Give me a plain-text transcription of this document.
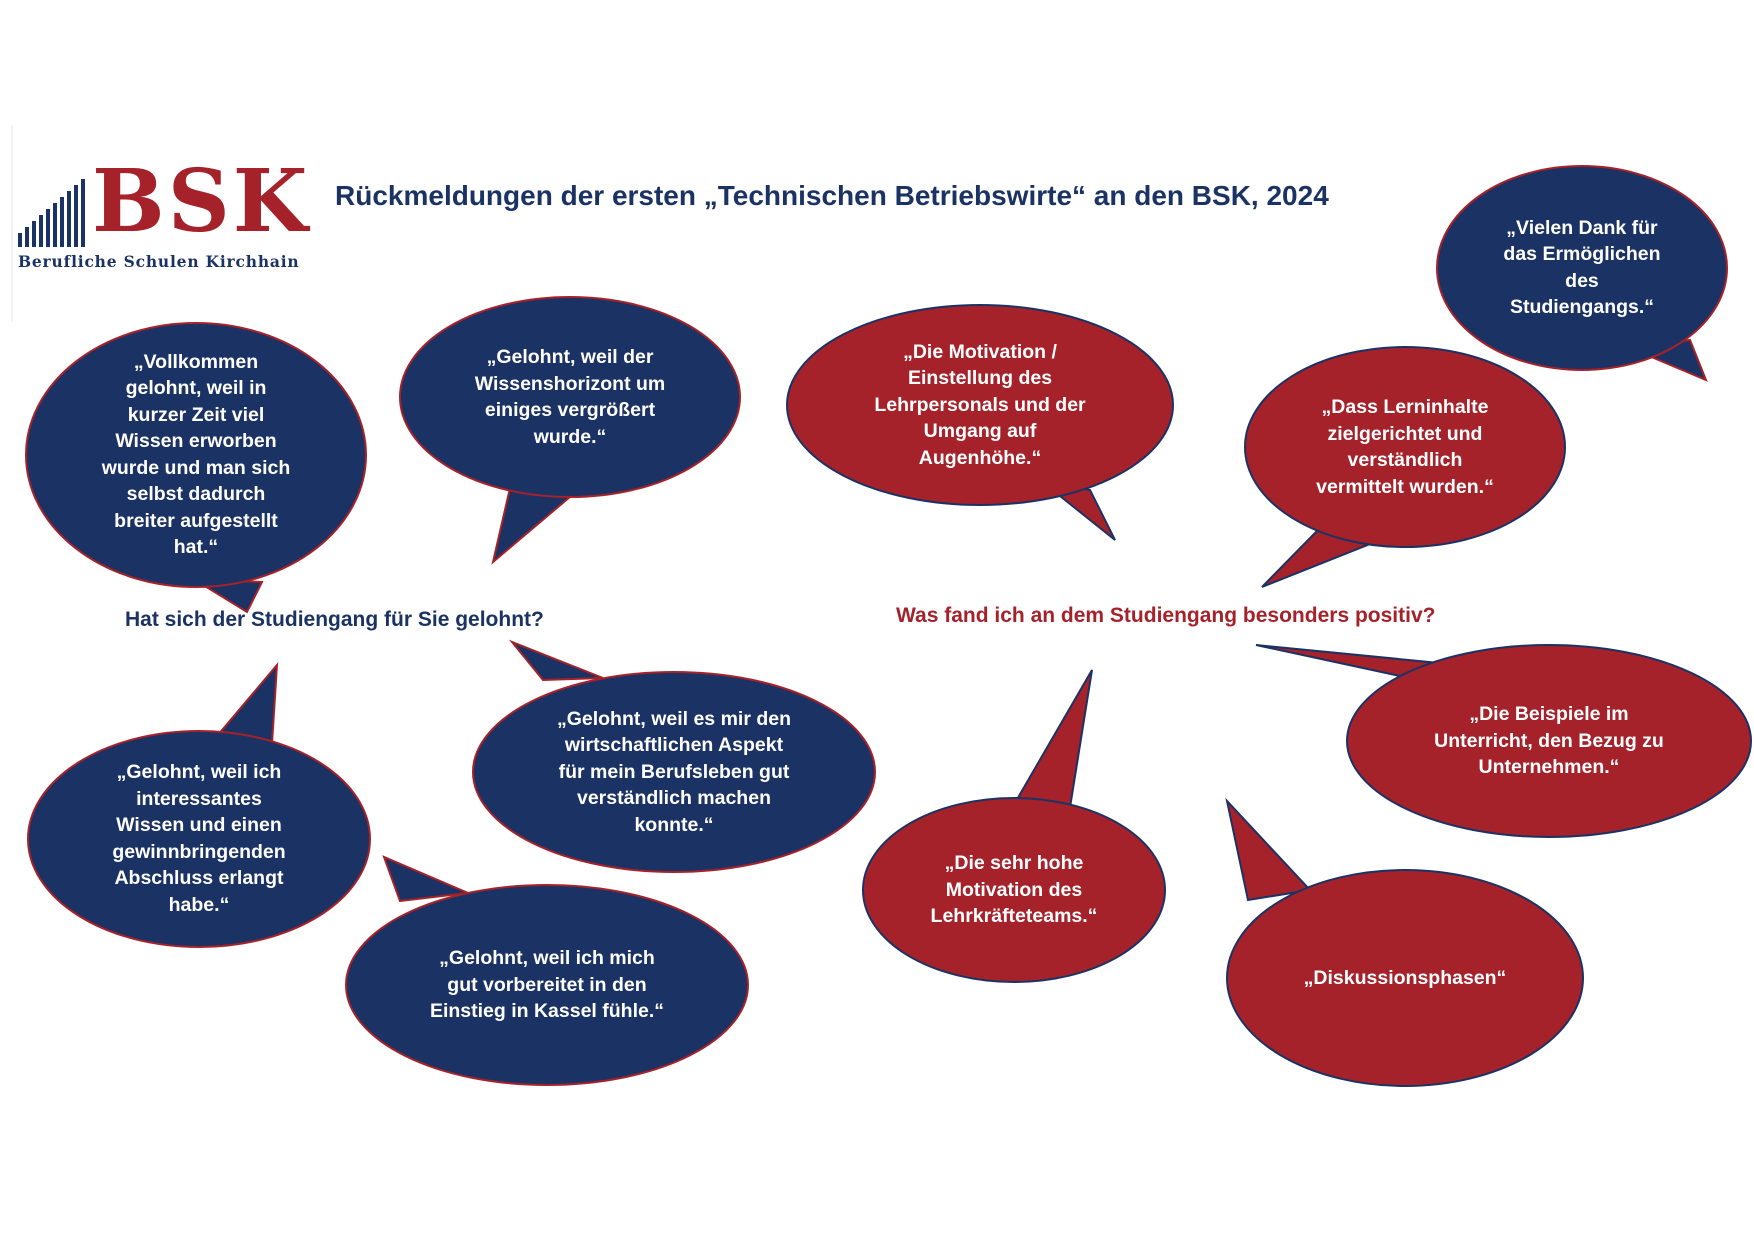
BSK
Berufliche Schulen Kirchhain
Rückmeldungen der ersten „Technischen Betriebswirte“ an den BSK, 2024
Hat sich der Studiengang für Sie gelohnt?	Was fand ich an dem Studiengang besonders positiv?
„Vollkommen
gelohnt, weil in
kurzer Zeit viel
Wissen erworben
wurde und man sich
selbst dadurch
breiter aufgestellt
hat.“
„Gelohnt, weil der
Wissenshorizont um
einiges vergrößert
wurde.“
„Gelohnt, weil ich
interessantes
Wissen und einen
gewinnbringenden
Abschluss erlangt
habe.“
„Gelohnt, weil es mir den
wirtschaftlichen Aspekt
für mein Berufsleben gut
verständlich machen
konnte.“
„Gelohnt, weil ich mich
gut vorbereitet in den
Einstieg in Kassel fühle.“
„Die Motivation /
Einstellung des
Lehrpersonals und der
Umgang auf
Augenhöhe.“
„Vielen Dank für
das Ermöglichen
des
Studiengangs.“
„Dass Lerninhalte
zielgerichtet und
verständlich
vermittelt wurden.“
„Die Beispiele im
Unterricht, den Bezug zu
Unternehmen.“
„Die sehr hohe
Motivation des
Lehrkräfteteams.“
„Diskussionsphasen“
